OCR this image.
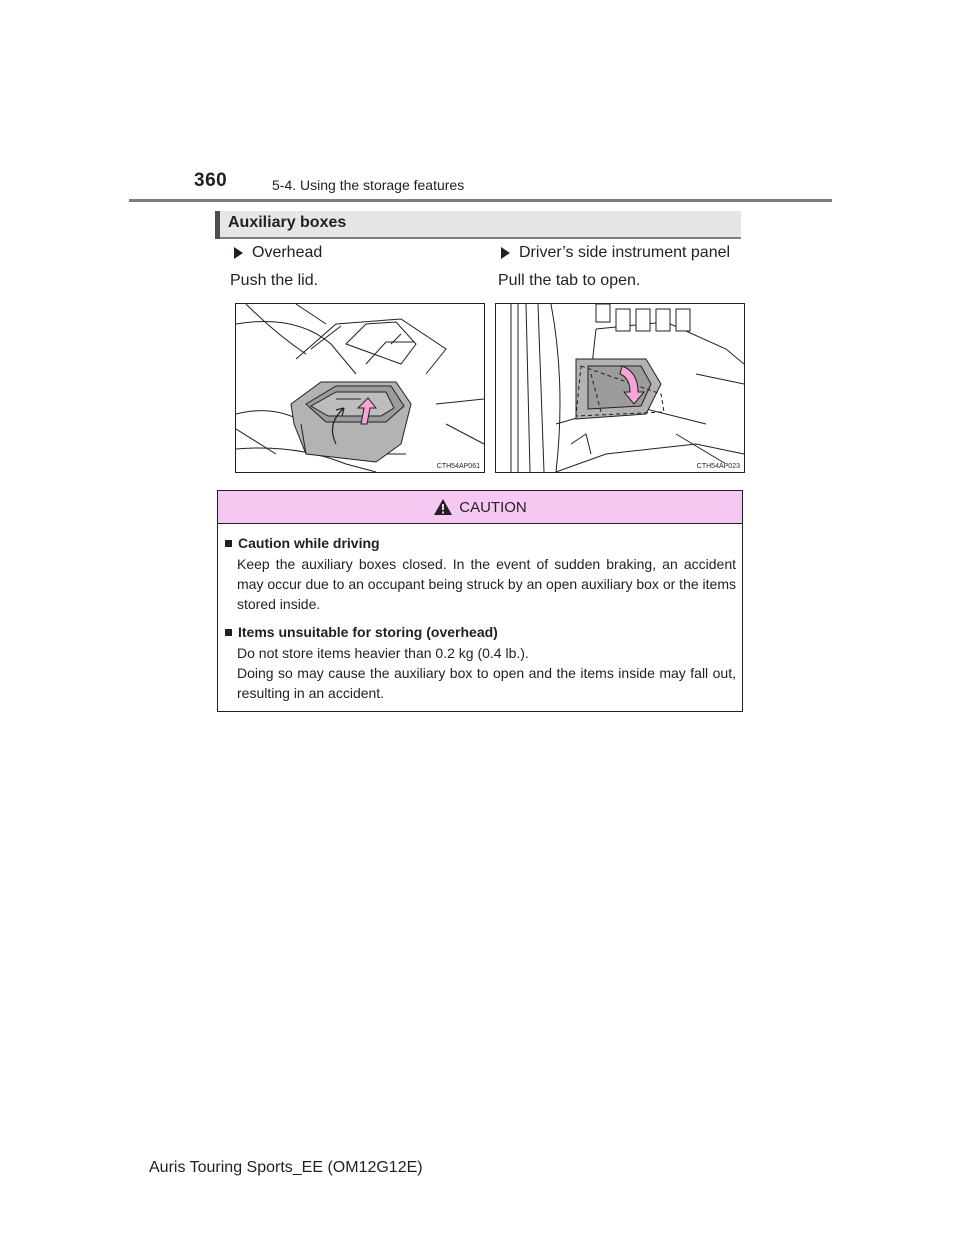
360	5-4. Using the storage features
Auxiliary boxes
Overhead
Push the lid.
CTH54AP061
Driver’s side instrument panel
Pull the tab to open.
CTH54AP023
CAUTION
Caution while driving

Keep the auxiliary boxes closed. In the event of sudden braking, an accident may occur due to an occupant being struck by an open auxiliary box or the items stored inside.

Items unsuitable for storing (overhead)

Do not store items heavier than 0.2 kg (0.4 lb.).

Doing so may cause the auxiliary box to open and the items inside may fall out, resulting in an accident.

Auris Touring Sports_EE (OM12G12E)
